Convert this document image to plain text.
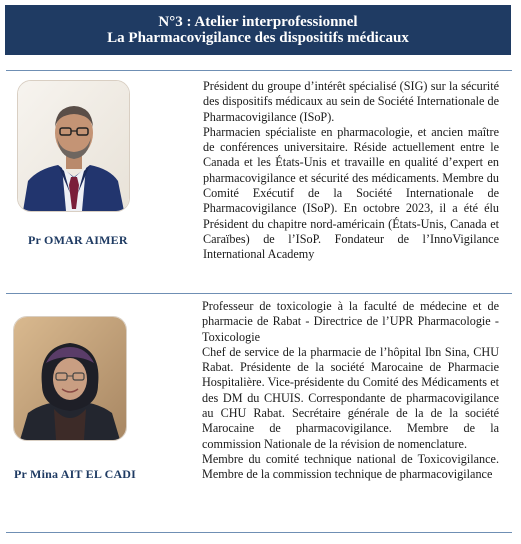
N°3 : Atelier interprofessionnel
La Pharmacovigilance des dispositifs médicaux
Pr OMAR AIMER

Président du groupe d’intérêt spécialisé (SIG) sur la sécurité des dispositifs médicaux au sein de Société Internationale de Pharmacovigilance (ISoP).

Pharmacien spécialiste en pharmacologie, et ancien maître de conférences universitaire. Réside actuellement entre le Canada et les États-Unis et travaille en qualité d’expert en pharmacovigilance et sécurité des médicaments. Membre du Comité Exécutif de la Société Internationale de Pharmacovigilance (ISoP). En octobre 2023, il a été élu Président du chapitre nord-américain (États-Unis, Canada et Caraïbes) de l’ISoP. Fondateur de l’InnoVigilance International Academy

Pr Mina AIT EL CADI

Professeur de toxicologie à la faculté de médecine et de pharmacie de Rabat - Directrice de l’UPR Pharmacologie - Toxicologie

Chef de service de la pharmacie de l’hôpital Ibn Sina, CHU Rabat. Présidente de la société Marocaine de Pharmacie Hospitalière. Vice-présidente du Comité des Médicaments et des DM du CHUIS. Correspondante de pharmacovigilance au CHU Rabat. Secrétaire générale de la de la société Marocaine de pharmacovigilance. Membre de la commission Nationale de la révision de nomenclature.

Membre du comité technique national de Toxicovigilance. Membre de la commission technique de pharmacovigilance
